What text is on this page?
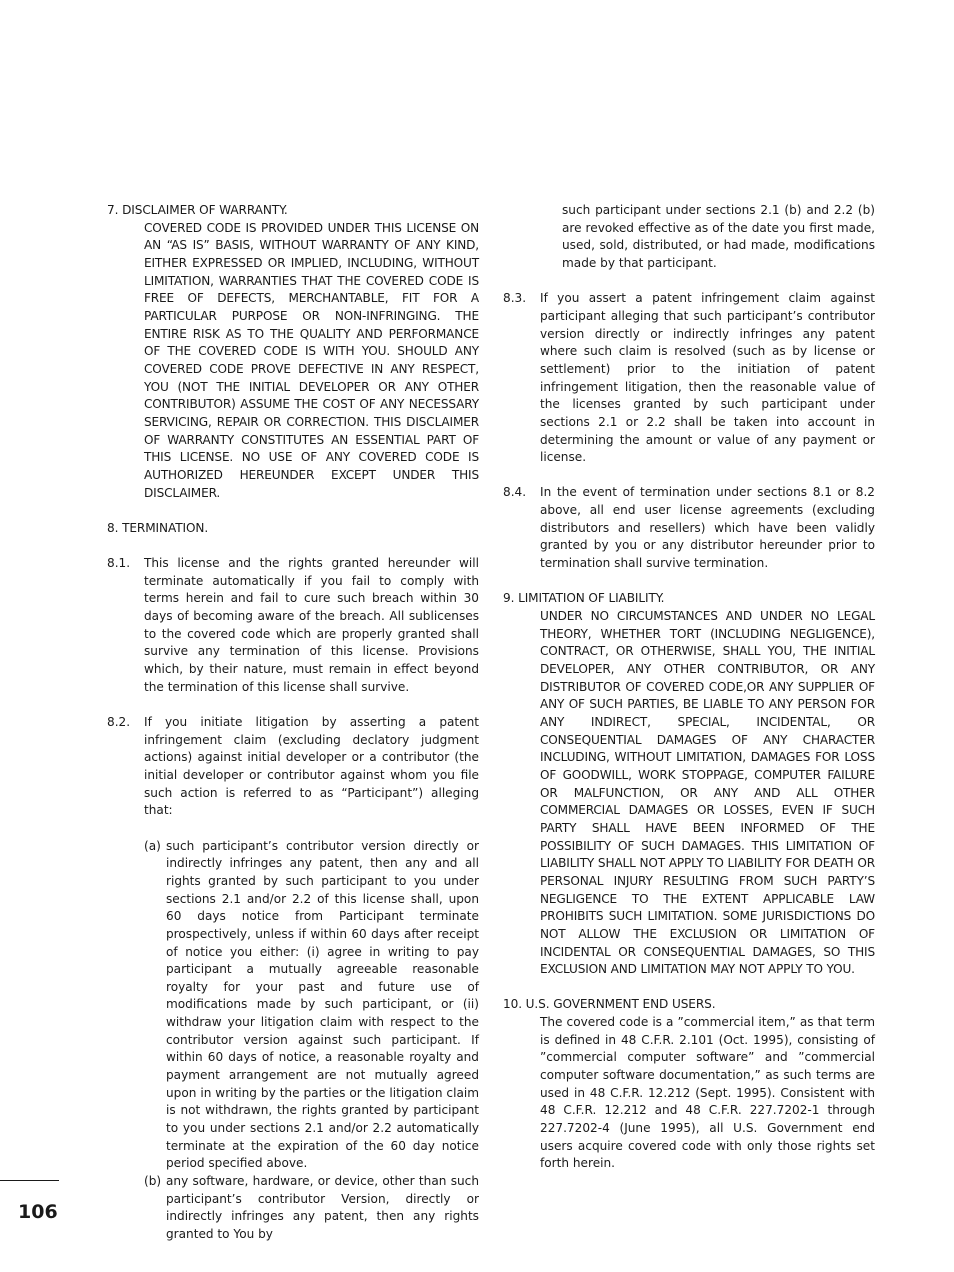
7. DISCLAIMER OF WARRANTY.

COVERED CODE IS PROVIDED UNDER THIS LICENSE ON AN “AS IS” BASIS, WITHOUT WARRANTY OF ANY KIND, EITHER EXPRESSED OR IMPLIED, INCLUDING, WITHOUT LIMITATION, WARRANTIES THAT THE COVERED CODE IS FREE OF DEFECTS, MERCHANTABLE, FIT FOR A PARTICULAR PURPOSE OR NON-INFRINGING. THE ENTIRE RISK AS TO THE QUALITY AND PERFORMANCE OF THE COVERED CODE IS WITH YOU. SHOULD ANY COVERED CODE PROVE DEFECTIVE IN ANY RESPECT, YOU (NOT THE INITIAL DEVELOPER OR ANY OTHER CONTRIBUTOR) ASSUME THE COST OF ANY NECESSARY SERVICING, REPAIR OR CORRECTION. THIS DISCLAIMER OF WARRANTY CONSTITUTES AN ESSENTIAL PART OF THIS LICENSE. NO USE OF ANY COVERED CODE IS AUTHORIZED HEREUNDER EXCEPT UNDER THIS DISCLAIMER.

8. TERMINATION.

8.1. This license and the rights granted hereunder will terminate automatically if you fail to comply with terms herein and fail to cure such breach within 30 days of becoming aware of the breach. All sublicenses to the covered code which are properly granted shall survive any termination of this license. Provisions which, by their nature, must remain in effect beyond the termination of this license shall survive.

8.2. If you initiate litigation by asserting a patent infringement claim (excluding declatory judgment actions) against initial developer or a contributor (the initial developer or contributor against whom you file such action is referred to as “Participant”) alleging that:

(a) such participant’s contributor version directly or indirectly infringes any patent, then any and all rights granted by such participant to you under sections 2.1 and/or 2.2 of this license shall, upon 60 days notice from Participant terminate prospectively, unless if within 60 days after receipt of notice you either: (i) agree in writing to pay participant a mutually agreeable reasonable royalty for your past and future use of modifications made by such participant, or (ii) withdraw your litigation claim with respect to the contributor version against such participant. If within 60 days of notice, a reasonable royalty and payment arrangement are not mutually agreed upon in writing by the parties or the litigation claim is not withdrawn, the rights granted by participant to you under sections 2.1 and/or 2.2 automatically terminate at the expiration of the 60 day notice period specified above.

(b) any software, hardware, or device, other than such participant’s contributor Version, directly or indirectly infringes any patent, then any rights granted to You by

such participant under sections 2.1 (b) and 2.2 (b) are revoked effective as of the date you first made, used, sold, distributed, or had made, modifications made by that participant.

8.3. If you assert a patent infringement claim against participant alleging that such participant’s contributor version directly or indirectly infringes any patent where such claim is resolved (such as by license or settlement) prior to the initiation of patent infringement litigation, then the reasonable value of the licenses granted by such participant under sections 2.1 or 2.2 shall be taken into account in determining the amount or value of any payment or license.

8.4. In the event of termination under sections 8.1 or 8.2 above, all end user license agreements (excluding distributors and resellers) which have been validly granted by you or any distributor hereunder prior to termination shall survive termination.

9. LIMITATION OF LIABILITY.

UNDER NO CIRCUMSTANCES AND UNDER NO LEGAL THEORY, WHETHER TORT (INCLUDING NEGLIGENCE), CONTRACT, OR OTHERWISE, SHALL YOU, THE INITIAL DEVELOPER, ANY OTHER CONTRIBUTOR, OR ANY DISTRIBUTOR OF COVERED CODE,OR ANY SUPPLIER OF ANY OF SUCH PARTIES, BE LIABLE TO ANY PERSON FOR ANY INDIRECT, SPECIAL, INCIDENTAL, OR CONSEQUENTIAL DAMAGES OF ANY CHARACTER INCLUDING, WITHOUT LIMITATION, DAMAGES FOR LOSS OF GOODWILL, WORK STOPPAGE, COMPUTER FAILURE OR MALFUNCTION, OR ANY AND ALL OTHER COMMERCIAL DAMAGES OR LOSSES, EVEN IF SUCH PARTY SHALL HAVE BEEN INFORMED OF THE POSSIBILITY OF SUCH DAMAGES. THIS LIMITATION OF LIABILITY SHALL NOT APPLY TO LIABILITY FOR DEATH OR PERSONAL INJURY RESULTING FROM SUCH PARTY’S NEGLIGENCE TO THE EXTENT APPLICABLE LAW PROHIBITS SUCH LIMITATION. SOME JURISDICTIONS DO NOT ALLOW THE EXCLUSION OR LIMITATION OF INCIDENTAL OR CONSEQUENTIAL DAMAGES, SO THIS EXCLUSION AND LIMITATION MAY NOT APPLY TO YOU.

10. U.S. GOVERNMENT END USERS.

The covered code is a ”commercial item,” as that term is defined in 48 C.F.R. 2.101 (Oct. 1995), consisting of ”commercial computer software” and ”commercial computer software documentation,” as such terms are used in 48 C.F.R. 12.212 (Sept. 1995). Consistent with 48 C.F.R. 12.212 and 48 C.F.R. 227.7202-1 through 227.7202-4 (June 1995), all U.S. Government end users acquire covered code with only those rights set forth herein.

106
